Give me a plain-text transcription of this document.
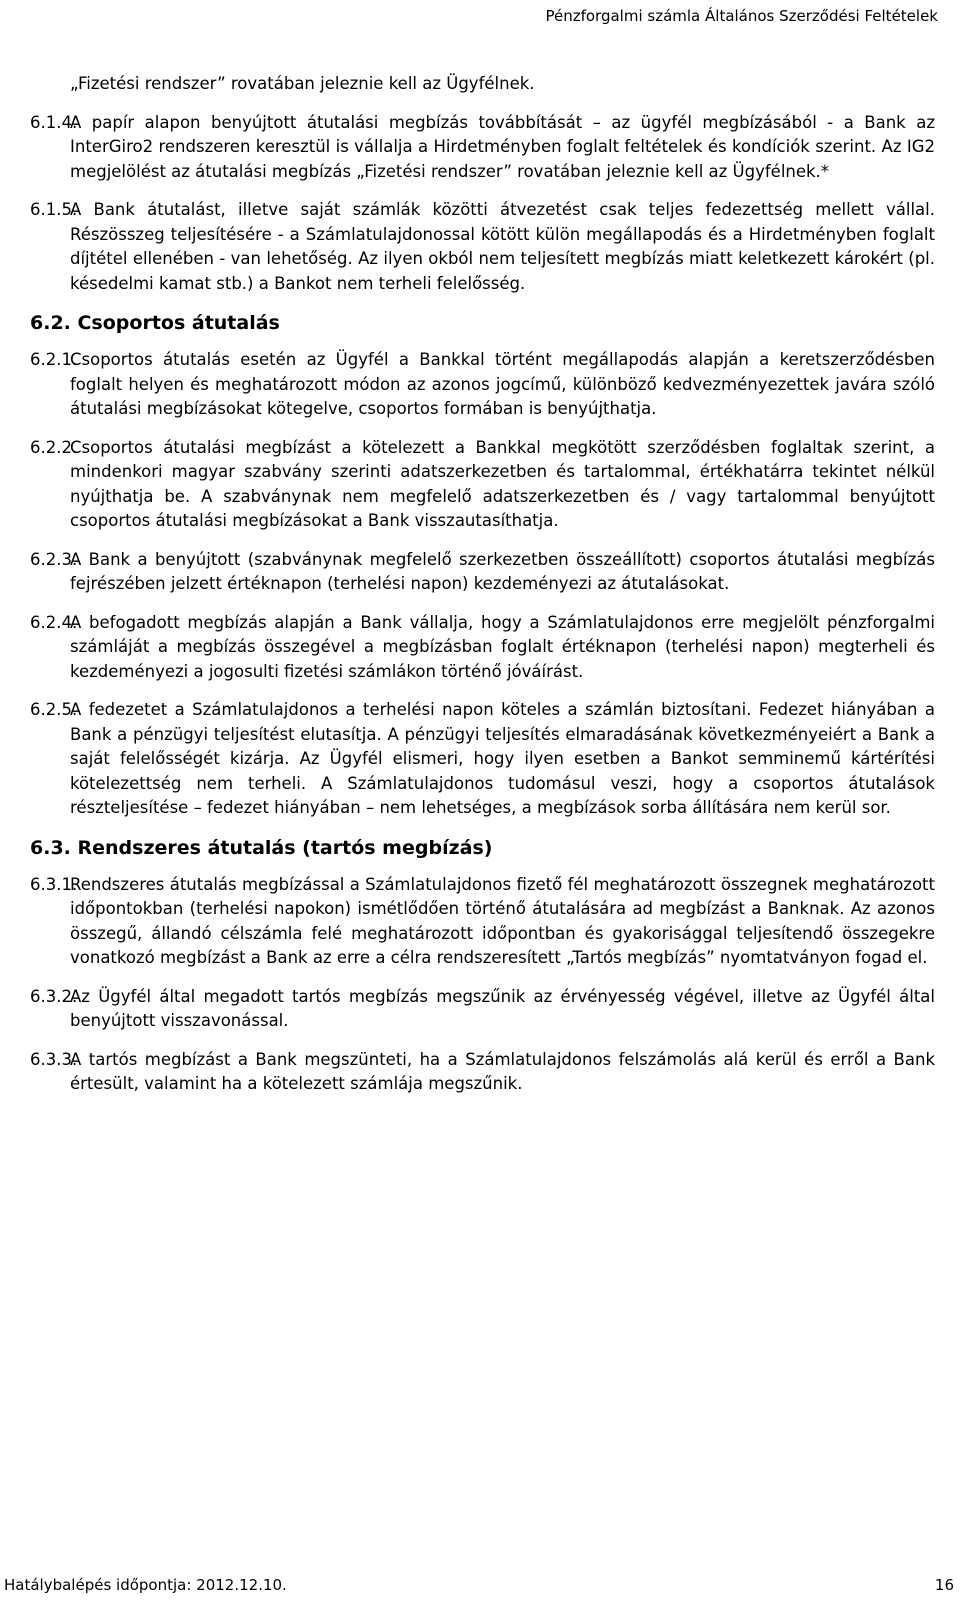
Pénzforgalmi számla Általános Szerződési Feltételek
„Fizetési rendszer” rovatában jeleznie kell az Ügyfélnek.
6.1.4.
A papír alapon benyújtott átutalási megbízás továbbítását – az ügyfél megbízásából - a Bank az InterGiro2 rendszeren keresztül is vállalja a Hirdetményben foglalt feltételek és kondíciók szerint. Az IG2 megjelölést az átutalási megbízás „Fizetési rendszer” rovatában jeleznie kell az Ügyfélnek.*
6.1.5.
A Bank átutalást, illetve saját számlák közötti átvezetést csak teljes fedezettség mellett vállal. Részösszeg teljesítésére - a Számlatulajdonossal kötött külön megállapodás és a Hirdetményben foglalt díjtétel ellenében - van lehetőség. Az ilyen okból nem teljesített megbízás miatt keletkezett károkért (pl. késedelmi kamat stb.) a Bankot nem terheli felelősség.
6.2. Csoportos átutalás
6.2.1.
Csoportos átutalás esetén az Ügyfél a Bankkal történt megállapodás alapján a keretszerződésben foglalt helyen és meghatározott módon az azonos jogcímű, különböző kedvezményezettek javára szóló átutalási megbízásokat kötegelve, csoportos formában is benyújthatja.
6.2.2.
Csoportos átutalási megbízást a kötelezett a Bankkal megkötött szerződésben foglaltak szerint, a mindenkori magyar szabvány szerinti adatszerkezetben és tartalommal, értékhatárra tekintet nélkül nyújthatja be. A szabványnak nem megfelelő adatszerkezetben és / vagy tartalommal benyújtott csoportos átutalási megbízásokat a Bank visszautasíthatja.
6.2.3.
A Bank a benyújtott (szabványnak megfelelő szerkezetben összeállított) csoportos átutalási megbízás fejrészében jelzett értéknapon (terhelési napon) kezdeményezi az átutalásokat.
6.2.4.
A befogadott megbízás alapján a Bank vállalja, hogy a Számlatulajdonos erre megjelölt pénzforgalmi számláját a megbízás összegével a megbízásban foglalt értéknapon (terhelési napon) megterheli és kezdeményezi a jogosulti fizetési számlákon történő jóváírást.
6.2.5.
A fedezetet a Számlatulajdonos a terhelési napon köteles a számlán biztosítani. Fedezet hiányában a Bank a pénzügyi teljesítést elutasítja. A pénzügyi teljesítés elmaradásának következményeiért a Bank a saját felelősségét kizárja. Az Ügyfél elismeri, hogy ilyen esetben a Bankot semminemű kártérítési kötelezettség nem terheli. A Számlatulajdonos tudomásul veszi, hogy a csoportos átutalások részteljesítése – fedezet hiányában – nem lehetséges, a megbízások sorba állítására nem kerül sor.
6.3. Rendszeres átutalás (tartós megbízás)
6.3.1.
Rendszeres átutalás megbízással a Számlatulajdonos fizető fél meghatározott összegnek meghatározott időpontokban (terhelési napokon) ismétlődően történő átutalására ad megbízást a Banknak. Az azonos összegű, állandó célszámla felé meghatározott időpontban és gyakorisággal teljesítendő összegekre vonatkozó megbízást a Bank az erre a célra rendszeresített „Tartós megbízás” nyomtatványon fogad el.
6.3.2.
Az Ügyfél által megadott tartós megbízás megszűnik az érvényesség végével, illetve az Ügyfél által benyújtott visszavonással.
6.3.3.
A tartós megbízást a Bank megszünteti, ha a Számlatulajdonos felszámolás alá kerül és erről a Bank értesült, valamint ha a kötelezett számlája megszűnik.
Hatálybalépés időpontja: 2012.12.10.	16
